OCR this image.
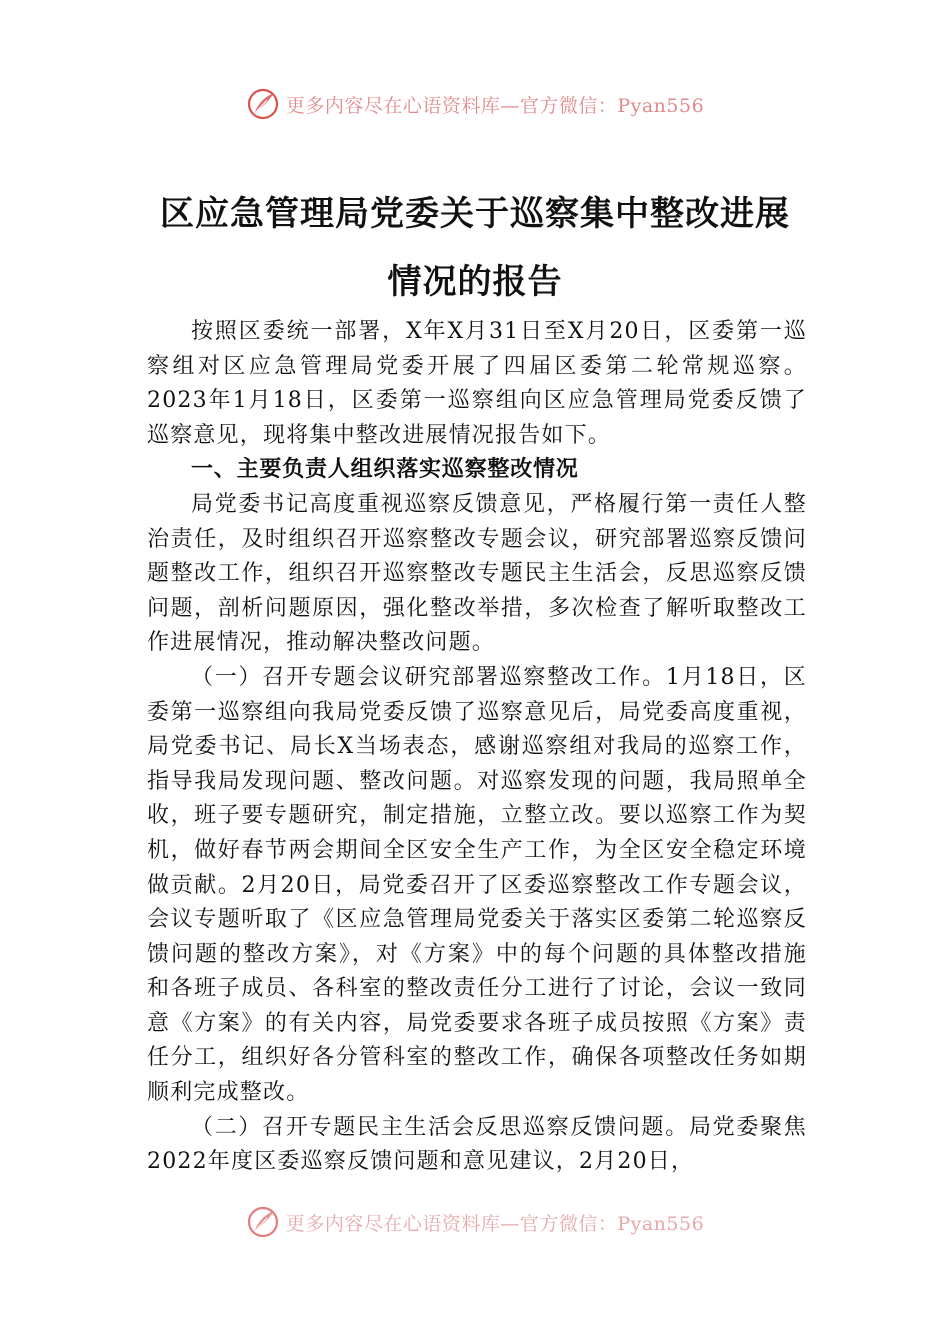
更多内容尽在心语资料库—官方微信：Pyan556
区应急管理局党委关于巡察集中整改进展
情况的报告

按照区委统一部署，X年X月31日至X月20日，区委第一巡察组对区应急管理局党委开展了四届区委第二轮常规巡察。2023年1月18日，区委第一巡察组向区应急管理局党委反馈了巡察意见，现将集中整改进展情况报告如下。

一、主要负责人组织落实巡察整改情况

局党委书记高度重视巡察反馈意见，严格履行第一责任人整治责任，及时组织召开巡察整改专题会议，研究部署巡察反馈问题整改工作，组织召开巡察整改专题民主生活会，反思巡察反馈问题，剖析问题原因，强化整改举措，多次检查了解听取整改工作进展情况，推动解决整改问题。

（一）召开专题会议研究部署巡察整改工作。1月18日，区委第一巡察组向我局党委反馈了巡察意见后，局党委高度重视，局党委书记、局长X当场表态，感谢巡察组对我局的巡察工作，指导我局发现问题、整改问题。对巡察发现的问题，我局照单全收，班子要专题研究，制定措施，立整立改。要以巡察工作为契机，做好春节两会期间全区安全生产工作，为全区安全稳定环境做贡献。2月20日，局党委召开了区委巡察整改工作专题会议，会议专题听取了《区应急管理局党委关于落实区委第二轮巡察反馈问题的整改方案》，对《方案》中的每个问题的具体整改措施和各班子成员、各科室的整改责任分工进行了讨论，会议一致同意《方案》的有关内容，局党委要求各班子成员按照《方案》责任分工，组织好各分管科室的整改工作，确保各项整改任务如期顺利完成整改。

（二）召开专题民主生活会反思巡察反馈问题。局党委聚焦2022年度区委巡察反馈问题和意见建议，2月20日，

更多内容尽在心语资料库—官方微信：Pyan556
